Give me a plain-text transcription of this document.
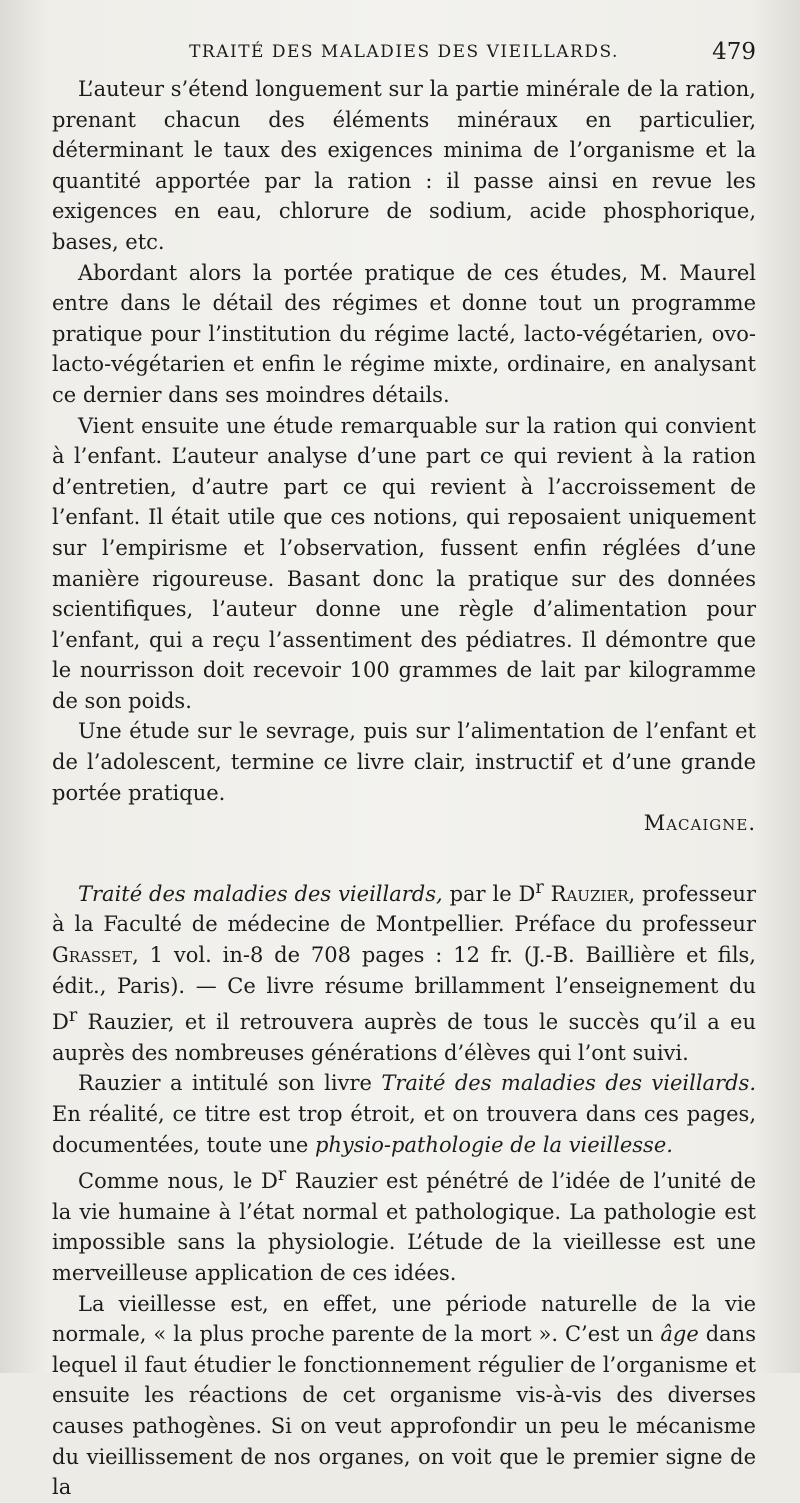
TRAITÉ DES MALADIES DES VIEILLARDS.	479

L’auteur s’étend longuement sur la partie minérale de la ration, prenant chacun des éléments minéraux en particulier, déterminant le taux des exigences minima de l’organisme et la quantité apportée par la ration : il passe ainsi en revue les exigences en eau, chlorure de sodium, acide phosphorique, bases, etc.

Abordant alors la portée pratique de ces études, M. Maurel entre dans le détail des régimes et donne tout un programme pratique pour l’institution du régime lacté, lacto-végétarien, ovo-lacto-végétarien et enfin le régime mixte, ordinaire, en analysant ce dernier dans ses moindres détails.

Vient ensuite une étude remarquable sur la ration qui convient à l’enfant. L’auteur analyse d’une part ce qui revient à la ration d’entretien, d’autre part ce qui revient à l’accroissement de l’enfant. Il était utile que ces notions, qui reposaient uniquement sur l’empirisme et l’observation, fussent enfin réglées d’une manière rigoureuse. Basant donc la pratique sur des données scientifiques, l’auteur donne une règle d’alimentation pour l’enfant, qui a reçu l’assentiment des pédiatres. Il démontre que le nourrisson doit recevoir 100 grammes de lait par kilogramme de son poids.

Une étude sur le sevrage, puis sur l’alimentation de l’enfant et de l’adolescent, termine ce livre clair, instructif et d’une grande portée pratique.

Macaigne.

Traité des maladies des vieillards, par le $D^r$ Rauzier, professeur à la Faculté de médecine de Montpellier. Préface du professeur Grasset, 1 vol. in-8 de 708 pages : 12 fr. (J.-B. Baillière et fils, édit., Paris). — Ce livre résume brillamment l’enseignement du $D^r$ Rauzier, et il retrouvera auprès de tous le succès qu’il a eu auprès des nombreuses générations d’élèves qui l’ont suivi.

Rauzier a intitulé son livre Traité des maladies des vieillards. En réalité, ce titre est trop étroit, et on trouvera dans ces pages, documentées, toute une physio-pathologie de la vieillesse.

Comme nous, le $D^r$ Rauzier est pénétré de l’idée de l’unité de la vie humaine à l’état normal et pathologique. La pathologie est impossible sans la physiologie. L’étude de la vieillesse est une merveilleuse application de ces idées.

La vieillesse est, en effet, une période naturelle de la vie normale, « la plus proche parente de la mort ». C’est un âge dans lequel il faut étudier le fonctionnement régulier de l’organisme et ensuite les réactions de cet organisme vis-à-vis des diverses causes pathogènes. Si on veut approfondir un peu le mécanisme du vieillissement de nos organes, on voit que le premier signe de la
